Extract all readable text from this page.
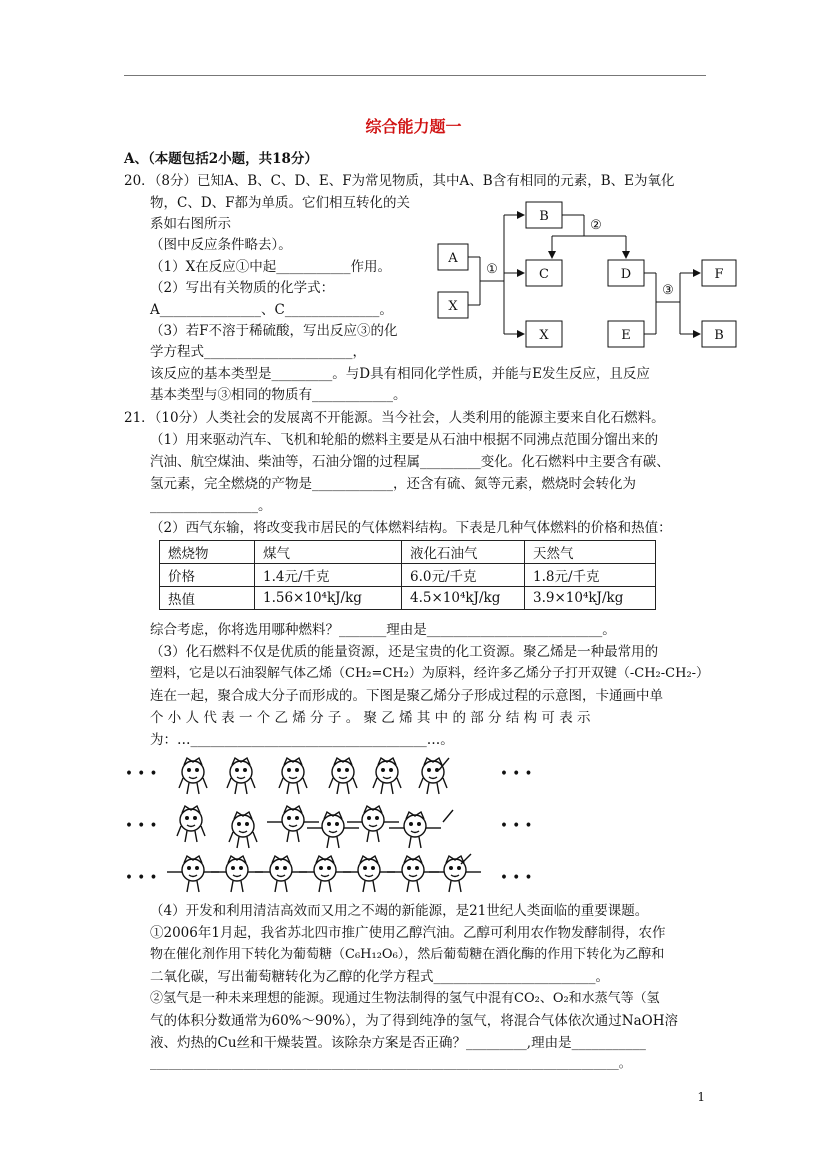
综合能力题一
A、（本题包括2小题，共18分）
20．（8分）已知A、B、C、D、E、F为常见物质，其中A、B含有相同的元素，B、E为氧化
物，C、D、F都为单质。它们相互转化的关
系如右图所示
（图中反应条件略去）。
（1）X在反应①中起___________作用。
（2）写出有关物质的化学式：
A_______________、C______________。
（3）若F不溶于稀硫酸，写出反应③的化
学方程式______________________，
该反应的基本类型是_________。与D具有相同化学性质，并能与E发生反应，且反应
基本类型与③相同的物质有____________。
A
X
B
C
X
D
E
F
B
①
②
③
21．（10分）人类社会的发展离不开能源。当今社会，人类利用的能源主要来自化石燃料。
（1）用来驱动汽车、飞机和轮船的燃料主要是从石油中根据不同沸点范围分馏出来的
汽油、航空煤油、柴油等，石油分馏的过程属_________变化。化石燃料中主要含有碳、
氢元素，完全燃烧的产物是____________，还含有硫、氮等元素，燃烧时会转化为
________________。
（2）西气东输，将改变我市居民的气体燃料结构。下表是几种气体燃料的价格和热值：
燃烧物	煤气	液化石油气	天然气
价格	1.4元/千克	6.0元/千克	1.8元/千克
热值	1.56×10⁴kJ/kg	4.5×10⁴kJ/kg	3.9×10⁴kJ/kg
综合考虑，你将选用哪种燃料？_______理由是__________________________。
（3）化石燃料不仅是优质的能量资源，还是宝贵的化工资源。聚乙烯是一种最常用的
塑料，它是以石油裂解气体乙烯（CH₂=CH₂）为原料，经许多乙烯分子打开双键（-CH₂-CH₂-）
连在一起，聚合成大分子而形成的。下图是聚乙烯分子形成过程的示意图，卡通画中单
个 小 人 代 表 一 个 乙 烯 分 子 。 聚 乙 烯 其 中 的 部 分 结 构 可 表 示
为：…___________________________________…。
• • •	• • •
• • •	• • •
• • •	• • •
（4）开发和利用清洁高效而又用之不竭的新能源，是21世纪人类面临的重要课题。
①2006年1月起，我省苏北四市推广使用乙醇汽油。乙醇可利用农作物发酵制得，农作
物在催化剂作用下转化为葡萄糖（C₆H₁₂O₆），然后葡萄糖在酒化酶的作用下转化为乙醇和
二氧化碳，写出葡萄糖转化为乙醇的化学方程式________________________。
②氢气是一种未来理想的能源。现通过生物法制得的氢气中混有CO₂、O₂和水蒸气等（氢
气的体积分数通常为60%～90%），为了得到纯净的氢气，将混合气体依次通过NaOH溶
液、灼热的Cu丝和干燥装置。该除杂方案是否正确？_________,理由是___________
___________________________________________________________________________。
1
